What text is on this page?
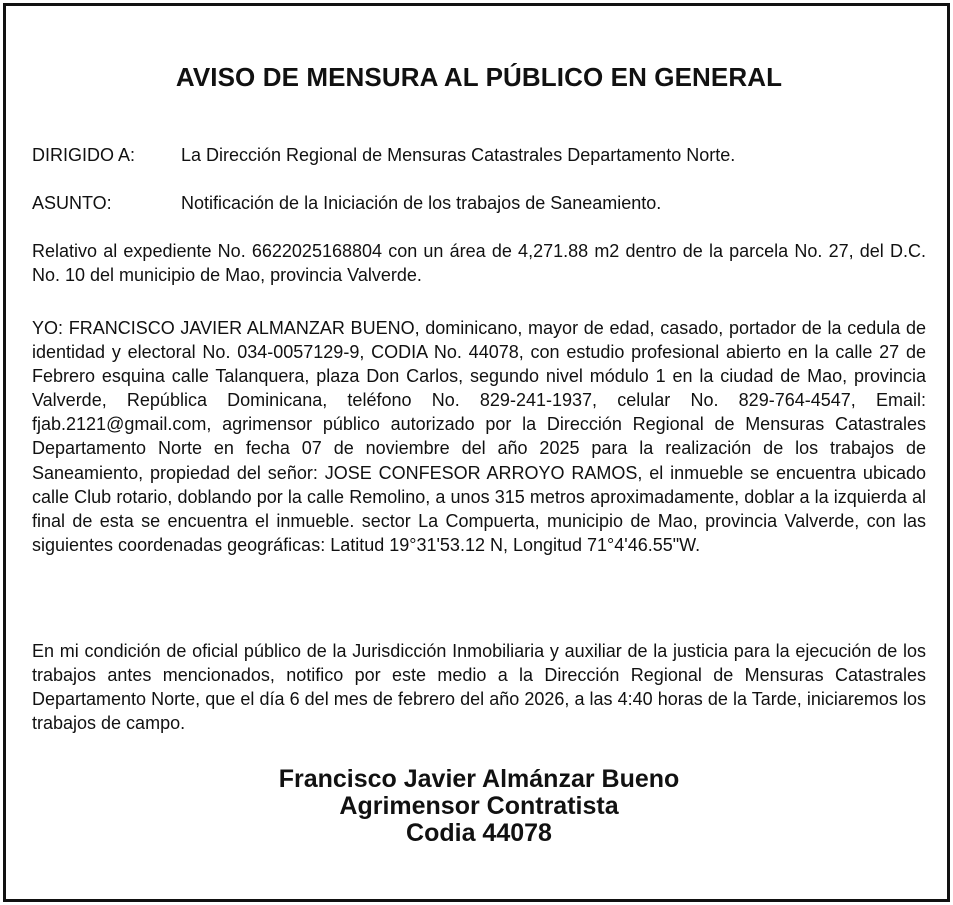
AVISO DE MENSURA AL PÚBLICO EN GENERAL
DIRIGIDO A:	La Dirección Regional de Mensuras Catastrales Departamento Norte.
ASUNTO:	Notificación de la Iniciación de los trabajos de Saneamiento.
Relativo al expediente No. 6622025168804 con un área de 4,271.88 m2 dentro de la parcela No. 27, del D.C. No. 10 del municipio de Mao, provincia Valverde.
YO: FRANCISCO JAVIER ALMANZAR BUENO, dominicano, mayor de edad, casado, portador de la cedula de identidad y electoral No. 034-0057129-9, CODIA No. 44078, con estudio profesional abierto en la calle 27 de Febrero esquina calle Talanquera, plaza Don Carlos, segundo nivel módulo 1 en la ciudad de Mao, provincia Valverde, República Dominicana, teléfono No. 829-241-1937, celular No. 829-764-4547, Email: fjab.2121@gmail.com, agrimensor público autorizado por la Dirección Regional de Mensuras Catastrales Departamento Norte en fecha 07 de noviembre del año 2025 para la realización de los trabajos de Saneamiento, propiedad del señor: JOSE CONFESOR ARROYO RAMOS, el inmueble se encuentra ubicado calle Club rotario, doblando por la calle Remolino, a unos 315 metros aproximadamente, doblar a la izquierda al final de esta se encuentra el inmueble. sector La Compuerta, municipio de Mao, provincia Valverde, con las siguientes coordenadas geográficas: Latitud 19°31'53.12 N, Longitud 71°4'46.55"W.
En mi condición de oficial público de la Jurisdicción Inmobiliaria y auxiliar de la justicia para la ejecución de los trabajos antes mencionados, notifico por este medio a la Dirección Regional de Mensuras Catastrales Departamento Norte, que el día 6 del mes de febrero del año 2026, a las 4:40 horas de la Tarde, iniciaremos los trabajos de campo.
Francisco Javier Almánzar Bueno
Agrimensor Contratista
Codia 44078
